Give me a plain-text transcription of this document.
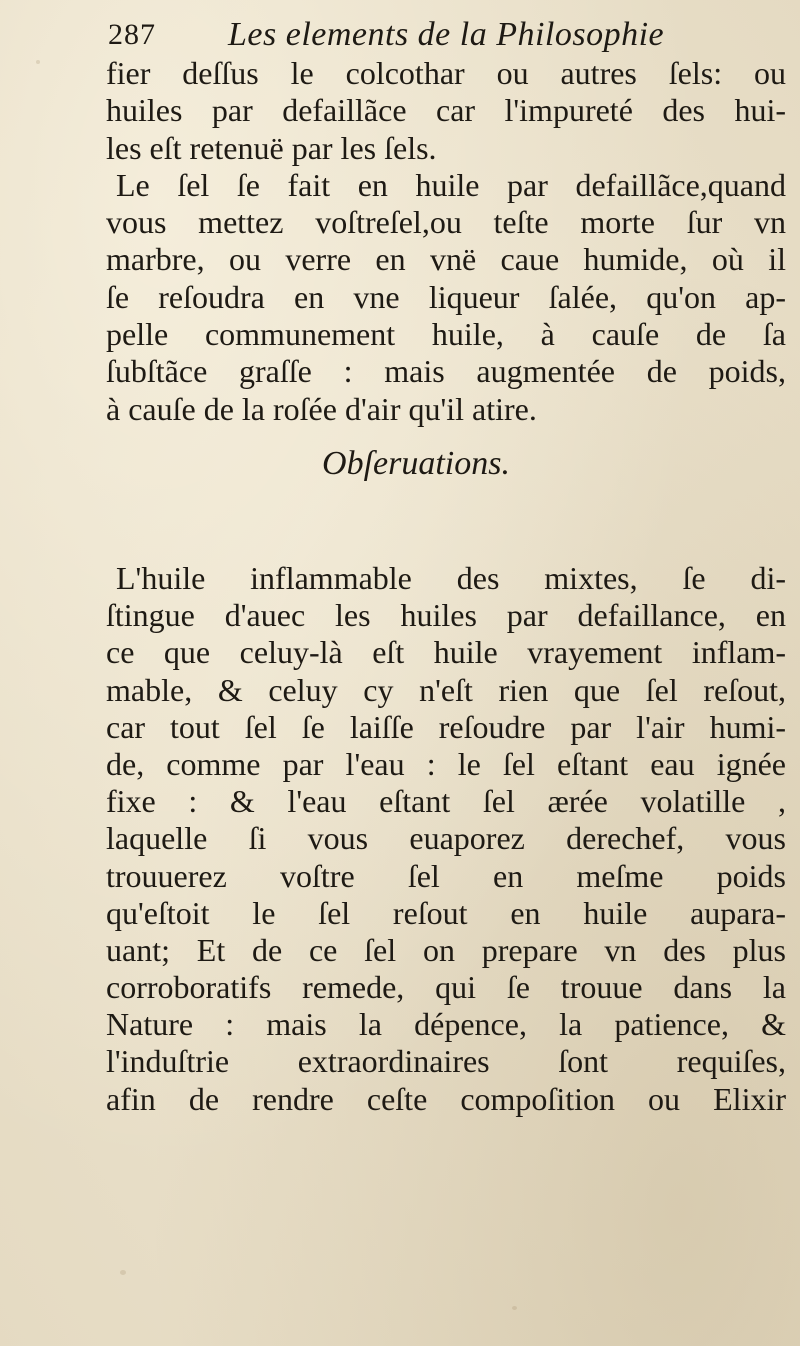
287 Les elements de la Philosophie
fier deſſus le colcothar ou autres ſels: ou
huiles par defaillãce car l'impureté des hui-
les eſt retenuë par les ſels.
Le ſel ſe fait en huile par defaillãce,quand
vous mettez voſtreſel,ou teſte morte ſur vn
marbre, ou verre en vnë caue humide, où il
ſe reſoudra en vne liqueur ſalée, qu'on ap-
pelle communement huile, à cauſe de ſa
ſubſtãce graſſe : mais augmentée de poids,
à cauſe de la roſée d'air qu'il atire.
Obſeruations.
L'huile inflammable des mixtes, ſe di-
ſtingue d'auec les huiles par defaillance, en
ce que celuy-là eſt huile vrayement inflam-
mable, & celuy cy n'eſt rien que ſel reſout,
car tout ſel ſe laiſſe reſoudre par l'air humi-
de, comme par l'eau : le ſel eſtant eau ignée
fixe : & l'eau eſtant ſel ærée volatille ,
laquelle ſi vous euaporez derechef, vous
trouuerez voſtre ſel en meſme poids
qu'eſtoit le ſel reſout en huile aupara-
uant; Et de ce ſel on prepare vn des plus
corroboratifs remede, qui ſe trouue dans la
Nature : mais la dépence, la patience, &
l'induſtrie extraordinaires ſont requiſes,
afin de rendre ceſte compoſition ou Elixir
